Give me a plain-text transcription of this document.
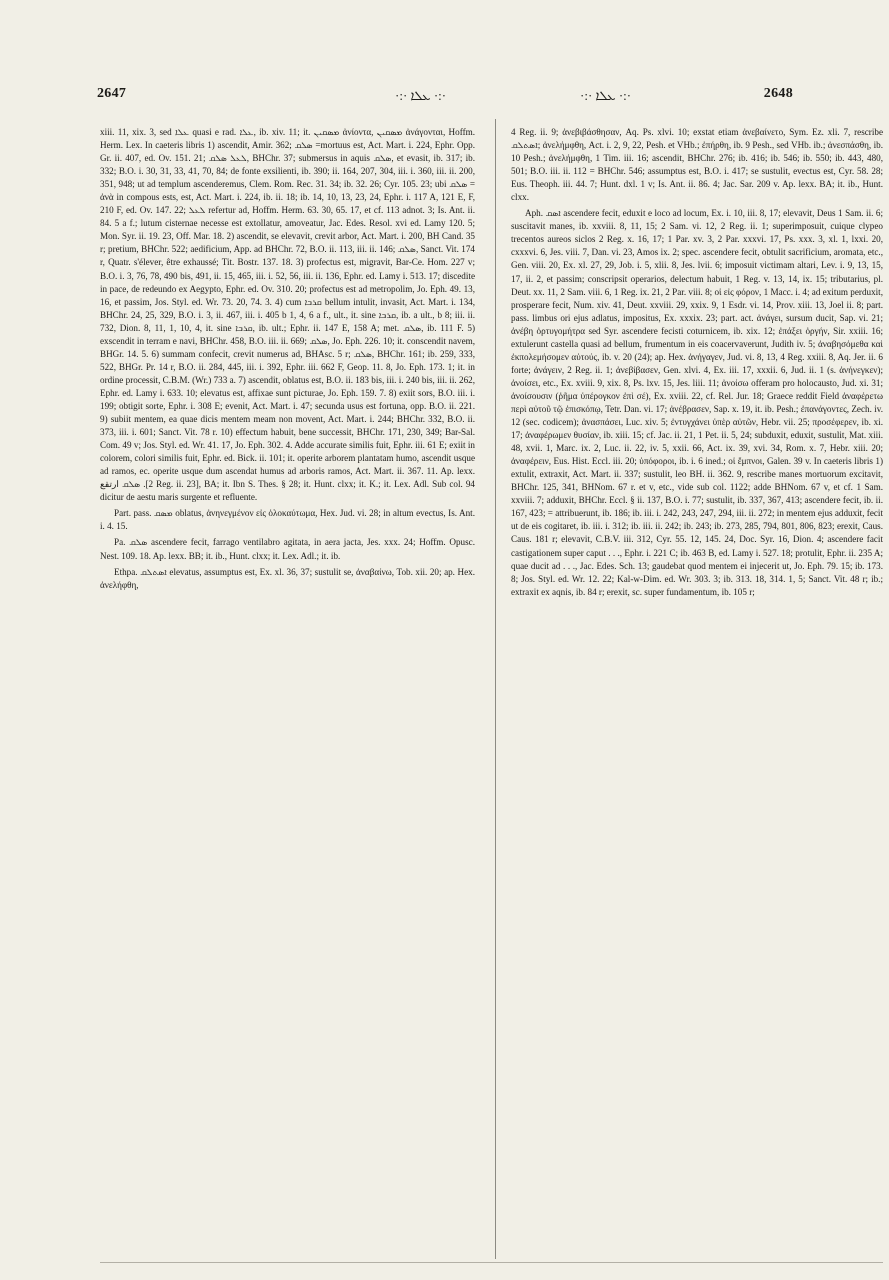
2647	·:· ܥܠܐ ·:·	·:· ܥܠܐ ·:·	2648

xiii. 11, xix. 3, sed ܥܠܐ quasi e rad. ܥܠܐ, ib. xiv. 11; it. ܡܣܩܝܢ ἀνίοντα, ܡܣܩܝܢ ἀνάγονται, Hoffm. Herm. Lex. In caeteris libris 1) ascendit, Amir. 362; ܣܠܩ =mortuus est, Act. Mart. i. 224, Ephr. Opp. Gr. ii. 407, ed. Ov. 151. 21; ܠܥܠ ܣܠܩ, BHChr. 37; submersus in aquis ܣܠܩ, et evasit, ib. 317; ib. 332; B.O. i. 30, 31, 33, 41, 70, 84; de fonte exsilienti, ib. 390; ii. 164, 207, 304, iii. i. 360, iii. ii. 200, 351, 948; ut ad templum ascenderemus, Clem. Rom. Rec. 31. 34; ib. 32. 26; Cyr. 105. 23; ubi ܣܠܩ = ἀνὰ in compous ests, est, Act. Mart. i. 224, ib. ii. 18; ib. 14, 10, 13, 23, 24, Ephr. i. 117 A, 121 E, F, 210 F, ed. Ov. 147. 22; ܠܥܠ refertur ad, Hoffm. Herm. 63. 30, 65. 17, et cf. 113 adnot. 3; Is. Ant. ii. 84. 5 a f.; lutum cisternae necesse est extollatur, amoveatur, Jac. Edes. Resol. xvi ed. Lamy 120. 5; Mon. Syr. ii. 19. 23, Off. Mar. 18. 2) ascendit, se elevavit, crevit arbor, Act. Mart. i. 200, BH Cand. 35 r; pretium, BHChr. 522; aedificium, App. ad BHChr. 72, B.O. ii. 113, iii. ii. 146; ܣܠܩ, Sanct. Vit. 174 r, Quatr. s'élever, être exhaussé; Tit. Bostr. 137. 18. 3) profectus est, migravit, Bar-Ce. Hom. 227 v; B.O. i. 3, 76, 78, 490 bis, 491, ii. 15, 465, iii. i. 52, 56, iii. ii. 136, Ephr. ed. Lamy i. 513. 17; discedite in pace, de redeundo ex Aegypto, Ephr. ed. Ov. 310. 20; profectus est ad metropolim, Jo. Eph. 49. 13, 16, et passim, Jos. Styl. ed. Wr. 73. 20, 74. 3. 4) cum ܩܪܒܐ bellum intulit, invasit, Act. Mart. i. 134, BHChr. 24, 25, 329, B.O. i. 3, ii. 467, iii. i. 405 b 1, 4, 6 a f., ult., it. sine ܩܪܒܐ, ib. a ult., b 8; iii. ii. 732, Dion. 8, 11, 1, 10, 4, it. sine ܩܪܒܐ, ib. ult.; Ephr. ii. 147 E, 158 A; met. ܣܠܩ, ib. 111 F. 5) exscendit in terram e navi, BHChr. 458, B.O. iii. ii. 669; ܣܠܩ, Jo. Eph. 226. 10; it. conscendit navem, BHGr. 14. 5. 6) summam confecit, crevit numerus ad, BHAsc. 5 r; ܣܠܩ, BHChr. 161; ib. 259, 333, 522, BHGr. Pr. 14 r, B.O. ii. 284, 445, iii. i. 392, Ephr. iii. 662 F, Geop. 11. 8, Jo. Eph. 173. 1; it. in ordine processit, C.B.M. (Wr.) 733 a. 7) ascendit, oblatus est, B.O. ii. 183 bis, iii. i. 240 bis, iii. ii. 262, Ephr. ed. Lamy i. 633. 10; elevatus est, affixae sunt picturae, Jo. Eph. 159. 7. 8) exiit sors, B.O. iii. i. 199; obtigit sorte, Ephr. i. 308 E; evenit, Act. Mart. i. 47; secunda usus est fortuna, opp. B.O. ii. 221. 9) subiit mentem, ea quae dicis mentem meam non movent, Act. Mart. i. 244; BHChr. 332, B.O. ii. 373, iii. i. 601; Sanct. Vit. 78 r. 10) effectum habuit, bene successit, BHChr. 171, 230, 349; Bar-Sal. Com. 49 v; Jos. Styl. ed. Wr. 41. 17, Jo. Eph. 302. 4. Adde accurate similis fuit, Ephr. iii. 61 E; exiit in colorem, colori similis fuit, Ephr. ed. Bick. ii. 101; it. operite arborem plantatam humo, ascendit usque ad ramos, ec. operite usque dum ascendat humus ad arboris ramos, Act. Mart. ii. 367. 11. Ap. lexx. ܣܠܩ ارتقع .[2 Reg. ii. 23], BA; it. Ibn S. Thes. § 28; it. Hunt. clxx; it. K.; it. Lex. Adl. Sub col. 94 dicitur de aestu maris surgente et refluente.

Part. pass. ܡܣܩ oblatus, ἀνηνεγμένον εἰς ὁλοκαύτωμα, Hex. Jud. vi. 28; in altum evectus, Is. Ant. i. 4. 15.

Pa. ܣܠܩ ascendere fecit, farrago ventilabro agitata, in aera jacta, Jes. xxx. 24; Hoffm. Opusc. Nest. 109. 18. Ap. lexx. BB; it. ib., Hunt. clxx; it. Lex. Adl.; it. ib.

Ethpa. ܐܣܬܠܩ elevatus, assumptus est, Ex. xl. 36, 37; sustulit se, ἀναβαίνω, Tob. xii. 20; ap. Hex. ἀνελήφθη,

4 Reg. ii. 9; ἀνεβιβάσθησαν, Aq. Ps. xlvi. 10; exstat etiam ἀνεβαίνετο, Sym. Ez. xli. 7, rescribe ܐܣܬܠܩ; ἀνελήμφθη, Act. i. 2, 9, 22, Pesh. et VHb.; ἐπήρθη, ib. 9 Pesh., sed VHb. ib.; ἀνεσπάσθη, ib. 10 Pesh.; ἀνελήμφθη, 1 Tim. iii. 16; ascendit, BHChr. 276; ib. 416; ib. 546; ib. 550; ib. 443, 480, 501; B.O. iii. ii. 112 = BHChr. 546; assumptus est, B.O. i. 417; se sustulit, evectus est, Cyr. 58. 28; Eus. Theoph. iii. 44. 7; Hunt. dxl. 1 v; Is. Ant. ii. 86. 4; Jac. Sar. 209 v. Ap. lexx. BA; it. ib., Hunt. clxx.

Aph. ܐܣܩ ascendere fecit, eduxit e loco ad locum, Ex. i. 10, iii. 8, 17; elevavit, Deus 1 Sam. ii. 6; suscitavit manes, ib. xxviii. 8, 11, 15; 2 Sam. vi. 12, 2 Reg. ii. 1; superimposuit, cuique clypeo trecentos aureos siclos 2 Reg. x. 16, 17; 1 Par. xv. 3, 2 Par. xxxvi. 17, Ps. xxx. 3, xl. 1, lxxi. 20, cxxxvi. 6, Jes. viii. 7, Dan. vi. 23, Amos ix. 2; spec. ascendere fecit, obtulit sacrificium, aromata, etc., Gen. viii. 20, Ex. xl. 27, 29, Job. i. 5, xlii. 8, Jes. lvii. 6; imposuit victimam altari, Lev. i. 9, 13, 15, 17, ii. 2, et passim; conscripsit operarios, delectum habuit, 1 Reg. v. 13, 14, ix. 15; tributarius, pl. Deut. xx. 11, 2 Sam. viii. 6, 1 Reg. ix. 21, 2 Par. viii. 8; οἱ εἰς φόρον, 1 Macc. i. 4; ad exitum perduxit, prosperare fecit, Num. xiv. 41, Deut. xxviii. 29, xxix. 9, 1 Esdr. vi. 14, Prov. xiii. 13, Joel ii. 8; part. pass. limbus ori ejus adlatus, impositus, Ex. xxxix. 23; part. act. ἀνάγει, sursum ducit, Sap. vi. 21; ἀνέβη ὀρτυγομήτρα sed Syr. ascendere fecisti coturnicem, ib. xix. 12; ἐπάξει ὀργήν, Sir. xxiii. 16; extulerunt castella quasi ad bellum, frumentum in eis coacervaverunt, Judith iv. 5; ἀναβησόμεθα καὶ ἐκπολεμήσομεν αὐτούς, ib. v. 20 (24); ap. Hex. ἀνήγαγεν, Jud. vi. 8, 13, 4 Reg. xxiii. 8, Aq. Jer. ii. 6 forte; ἀνάγειν, 2 Reg. ii. 1; ἀνεβίβασεν, Gen. xlvi. 4, Ex. iii. 17, xxxii. 6, Jud. ii. 1 (s. ἀνήνεγκεν); ἀνοίσει, etc., Ex. xviii. 9, xix. 8, Ps. lxv. 15, Jes. liii. 11; ἀνοίσω offeram pro holocausto, Jud. xi. 31; ἀνοίσουσιν (ῥῆμα ὑπέρογκον ἐπὶ σέ), Ex. xviii. 22, cf. Rel. Jur. 18; Graece reddit Field ἀναφέρετω περὶ αὐτοῦ τῷ ἐπισκόπῳ, Tetr. Dan. vi. 17; ἀνέβρασεν, Sap. x. 19, it. ib. Pesh.; ἐπανάγοντες, Zech. iv. 12 (sec. codicem); ἀνασπάσει, Luc. xiv. 5; ἐντυγχάνει ὑπὲρ αὐτῶν, Hebr. vii. 25; προσέφερεν, ib. xi. 17; ἀναφέρωμεν θυσίαν, ib. xiii. 15; cf. Jac. ii. 21, 1 Pet. ii. 5, 24; subduxit, eduxit, sustulit, Mat. xiii. 48, xvii. 1, Marc. ix. 2, Luc. ii. 22, iv. 5, xxii. 66, Act. ix. 39, xvi. 34, Rom. x. 7, Hebr. xiii. 20; ἀναφέρειν, Eus. Hist. Eccl. iii. 20; ὑπόφοροι, ib. i. 6 ined.; οἱ ἔμπνοι, Galen. 39 v. In caeteris libris 1) extulit, extraxit, Act. Mart. ii. 337; sustulit, leo BH. ii. 362. 9, rescribe manes mortuorum excitavit, BHChr. 125, 341, BHNom. 67 r. et v, etc., vide sub col. 1122; adde BHNom. 67 v, et cf. 1 Sam. xxviii. 7; adduxit, BHChr. Eccl. § ii. 137, B.O. i. 77; sustulit, ib. 337, 367, 413; ascendere fecit, ib. ii. 167, 423; = attribuerunt, ib. 186; ib. iii. i. 242, 243, 247, 294, iii. ii. 272; in mentem ejus adduxit, fecit ut de eis cogitaret, ib. iii. i. 312; ib. iii. ii. 242; ib. 243; ib. 273, 285, 794, 801, 806, 823; erexit, Caus. Caus. 181 r; elevavit, C.B.V. iii. 312, Cyr. 55. 12, 145. 24, Doc. Syr. 16, Dion. 4; ascendere facit castigationem super caput . . ., Ephr. i. 221 C; ib. 463 B, ed. Lamy i. 527. 18; protulit, Ephr. ii. 235 A; quae ducit ad . . ., Jac. Edes. Sch. 13; gaudebat quod mentem ei injecerit ut, Jo. Eph. 79. 15; ib. 173. 8; Jos. Styl. ed. Wr. 12. 22; Kal-w-Dim. ed. Wr. 303. 3; ib. 313. 18, 314. 1, 5; Sanct. Vit. 48 r; ib.; extraxit ex aqnis, ib. 84 r; erexit, sc. super fundamentum, ib. 105 r;
